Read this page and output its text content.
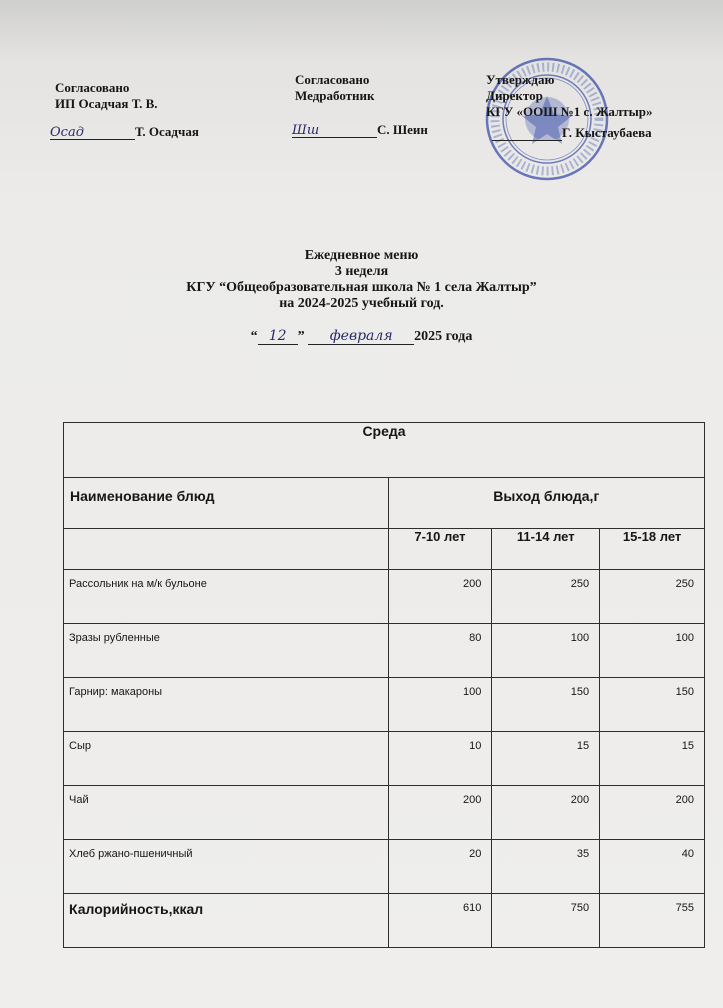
Согласовано
ИП Осадчая Т. В.
Осад	Т. Осадчая
Согласовано
Медработник
Шш	С. Шеин
Утверждаю
Директор
КГУ «ООШ №1 с. Жалтыр»
Г. Кыстаубаева
Ежедневное меню
3 неделя
КГУ “Общеобразовательная школа № 1 села Жалтыр”
на 2024-2025 учебный год.
“ 12 ” февраля 2025 года
Среда			
Наименование блюд	Выход блюда,г		
	7-10 лет	11-14 лет	15-18 лет
Рассольник на м/к бульоне	200	250	250
Зразы рубленные	80	100	100
Гарнир: макароны	100	150	150
Сыр	10	15	15
Чай	200	200	200
Хлеб ржано-пшеничный	20	35	40
Калорийность,ккал	610	750	755
